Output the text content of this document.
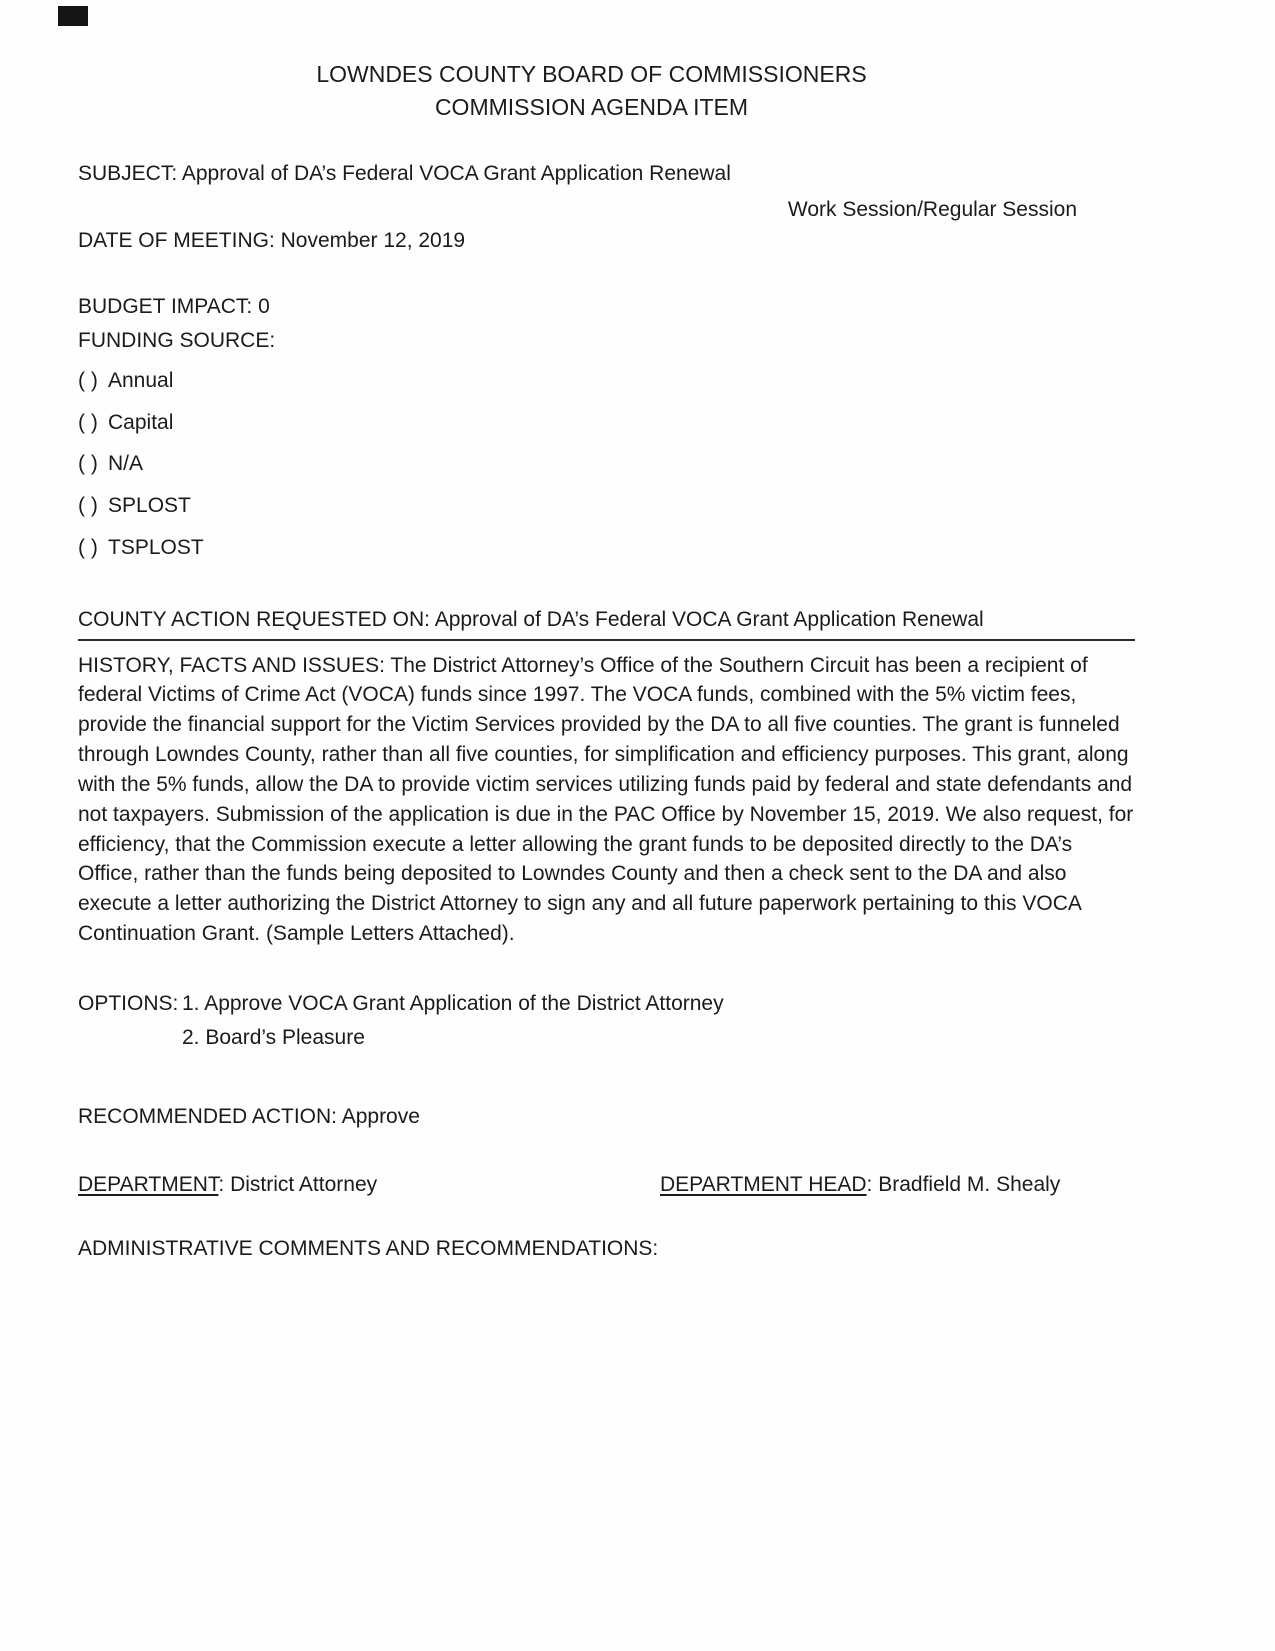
LOWNDES COUNTY BOARD OF COMMISSIONERS
COMMISSION AGENDA ITEM

SUBJECT: Approval of DA’s Federal VOCA Grant Application Renewal

Work Session/Regular Session

DATE OF MEETING: November 12, 2019

BUDGET IMPACT: 0

FUNDING SOURCE:

( ) Annual
( ) Capital
( ) N/A
( ) SPLOST
( ) TSPLOST

COUNTY ACTION REQUESTED ON: Approval of DA’s Federal VOCA Grant Application Renewal

HISTORY, FACTS AND ISSUES: The District Attorney’s Office of the Southern Circuit has been a recipient of federal Victims of Crime Act (VOCA) funds since 1997. The VOCA funds, combined with the 5% victim fees, provide the financial support for the Victim Services provided by the DA to all five counties. The grant is funneled through Lowndes County, rather than all five counties, for simplification and efficiency purposes. This grant, along with the 5% funds, allow the DA to provide victim services utilizing funds paid by federal and state defendants and not taxpayers. Submission of the application is due in the PAC Office by November 15, 2019. We also request, for efficiency, that the Commission execute a letter allowing the grant funds to be deposited directly to the DA’s Office, rather than the funds being deposited to Lowndes County and then a check sent to the DA and also execute a letter authorizing the District Attorney to sign any and all future paperwork pertaining to this VOCA Continuation Grant. (Sample Letters Attached).

OPTIONS: 1. Approve VOCA Grant Application of the District Attorney
2. Board’s Pleasure

RECOMMENDED ACTION: Approve

DEPARTMENT: District Attorney	DEPARTMENT HEAD: Bradfield M. Shealy

ADMINISTRATIVE COMMENTS AND RECOMMENDATIONS:
